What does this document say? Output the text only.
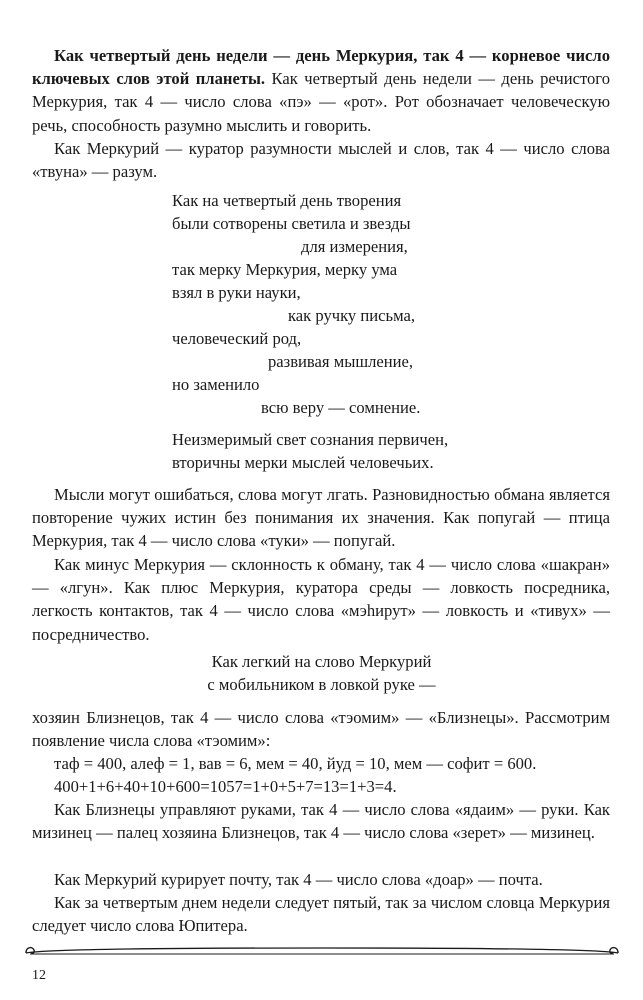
Как четвертый день недели — день Меркурия, так 4 — корневое число ключевых слов этой планеты. Как четвертый день недели — день речистого Меркурия, так 4 — число слова «пэ» — «рот». Рот обозначает человеческую речь, способность разумно мыслить и говорить.

Как Меркурий — куратор разумности мыслей и слов, так 4 — число слова «твуна» — разум.

Как на четвертый день творения

были сотворены светила и звезды

для измерения,

так мерку Меркурия, мерку ума

взял в руки науки,

как ручку письма,

человеческий род,

развивая мышление,

но заменило

всю веру — сомнение.

Неизмеримый свет сознания первичен,

вторичны мерки мыслей человечьих.

Мысли могут ошибаться, слова могут лгать. Разновидностью обмана является повторение чужих истин без понимания их значения. Как попугай — птица Меркурия, так 4 — число слова «туки» — попугай.

Как минус Меркурия — склонность к обману, так 4 — число слова «шакран» — «лгун». Как плюс Меркурия, куратора среды — ловкость посредника, легкость контактов, так 4 — число слова «мэһирут» — ловкость и «тивух» — посредничество.

Как легкий на слово Меркурий

с мобильником в ловкой руке —

хозяин Близнецов, так 4 — число слова «тэомим» — «Близнецы». Рассмотрим появление числа слова «тэомим»:

таф = 400, алеф = 1, вав = 6, мем = 40, йуд = 10, мем — софит = 600.

400+1+6+40+10+600=1057=1+0+5+7=13=1+3=4.

Как Близнецы управляют руками, так 4 — число слова «ядаим» — руки. Как мизинец — палец хозяина Близнецов, так 4 — число слова «зерет» — мизинец.

Как Меркурий курирует почту, так 4 — число слова «доар» — почта.

Как за четвертым днем недели следует пятый, так за числом словца Меркурия следует число слова Юпитера.

12
